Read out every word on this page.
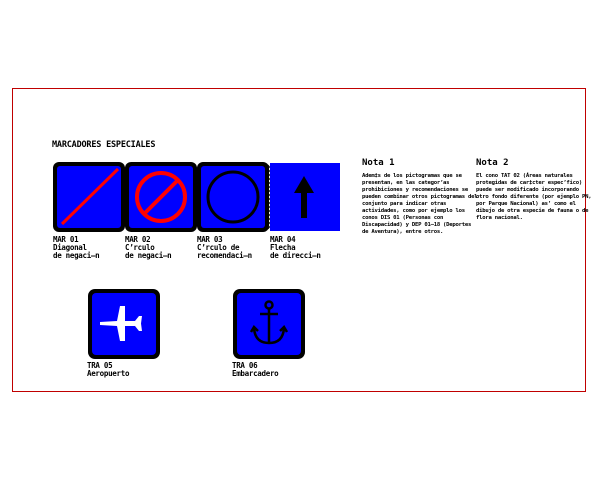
MARCADORES ESPECIALES
MAR 01
Diagonal
de negaci—n
MAR 02
C’rculo
de negaci—n
MAR 03
C’rculo de
recomendaci—n
MAR 04
Flecha
de direcci—n
TRA 05
Aeropuerto
TRA 06
Embarcadero
Nota 1
Adem‡s de los pictogramas que se presentan, en las categor’as prohibiciones y recomendaciones se pueden combinar otros pictogramas del conjunto para indicar otras actividades, como por ejemplo los conos DIS 01 (Personas con Discapacidad) y DEP 01–18 (Deportes de Aventura), entre otros.
Nota 2
El cono TAT 02 (Áreas naturales protegidas de car‡cter espec’fico) puede ser modificado incorporando otro fondo diferente (por ejemplo PN, por Parque Nacional) as’ como el dibujo de otra especie de fauna o de flora nacional.
